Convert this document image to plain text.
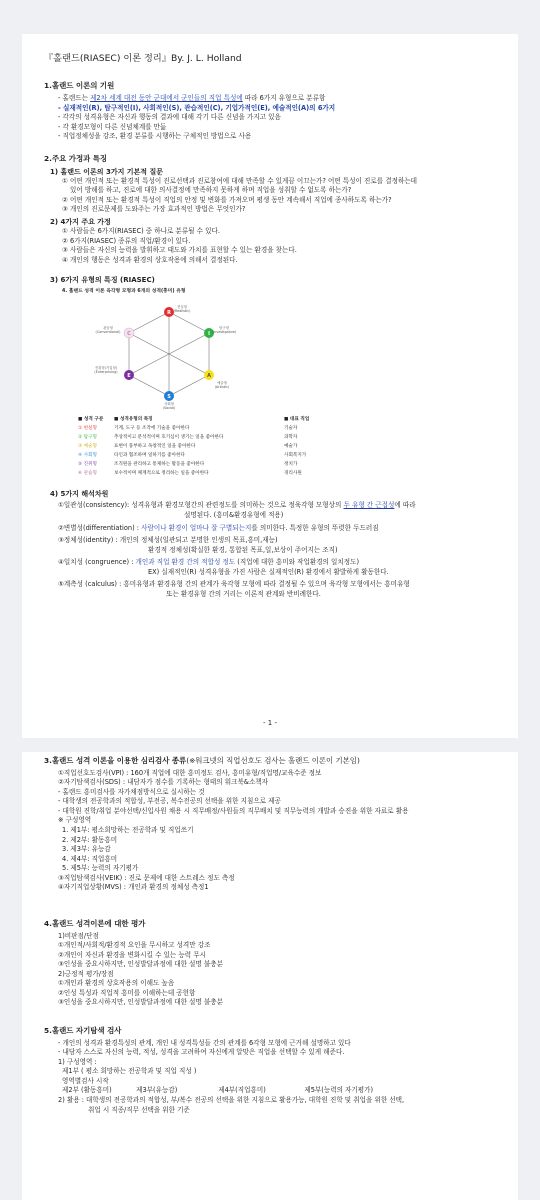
『홀랜드(RIASEC) 이론 정리』By. J. L. Holland
1.홀랜드 이론의 기원
- 홀랜드는 제2차 세계 대전 동안 군대에서 군인들의 직업 특성에 따라 6가지 유형으로 분류함
- 실재적인(R), 탐구적인(I), 사회적인(S), 관습적인(C), 기업가적인(E), 예술적인(A)의 6가지
- 각각의 성격유형은 자신과 행동의 결과에 대해 각기 다른 신념을 가지고 있음
- 각 환경모형이 다른 신념체계를 만듦
- 직업정체성을 강조, 환경 분류를 시행하는 구체적인 방법으로 사용
2.주요 가정과 특징
1) 홀랜드 이론의 3가지 기본적 질문
① 어떤 개인적 또는 환경적 특성이 진로선택과 진로참여에 대해 만족할 수 있게끔 이끄는가? 어떤 특성이 진로를 결정하는데
있어 방해를 하고, 진로에 대한 의사결정에 만족하지 못하게 하며 직업을 성취할 수 없도록 하는가?
② 어떤 개인적 또는 환경적 특성이 직업의 안정 및 변화를 가져오며 평생 동안 계속해서 직업에 종사하도록 하는가?
③ 개인의 진로문제를 도와주는 가장 효과적인 방법은 무엇인가?
2) 4가지 주요 가정
① 사람들은 6가지(RIASEC) 중 하나로 분류될 수 있다.
② 6가지(RIASEC) 종류의 직업/환경이 있다.
③ 사람들은 자신의 능력을 발휘하고 태도와 가치를 표현할 수 있는 환경을 찾는다.
④ 개인의 행동은 성격과 환경의 상호작용에 의해서 결정된다.
3) 6가지 유형의 특징 (RIASEC)
4. 홀랜드 성격 이론 육각형 모형과 6개의 성격(흥미) 유형
R
I
A
S
E
C
현실형
(Realistic)
탐구형
(Investigative)
예술형
(Artistic)
사회형
(Social)
진취형(기업형)
(Enterprising)
관습형
(Conventional)
■ 성격 구분	■ 성격유형의 특징	■ 대표 직업
① 현실형	기계, 도구 등 조작에 기술을 좋아한다	기술자
② 탐구형	추상적이고 분석적이며 호기심이 생기는 일을 좋아한다	과학자
③ 예술형	표현이 풍부하고 독창적인 일을 좋아한다	예술가
④ 사회형	타인과 협조하며 일하기를 좋아한다	사회복지가
⑤ 진취형	조직원을 관리하고 통제하는 활동을 좋아한다	정치가
⑥ 관습형	보수적이며 체계적으로 정리하는 일을 좋아한다	경리사원
4) 5가지 해석차원
①일관성(consistency): 성격유형과 환경모형간의 관련정도를 의미하는 것으로 정육각형 모형상의 두 유형 간 근접성에 따라
설명된다. (흥미&환경유형에 적용)
②변별성(differentiation) : 사람이나 환경이 얼마나 잘 구별되는지를 의미한다. 특정한 유형의 뚜렷한 두드러짐
③정체성(identity) : 개인의 정체성(일관되고 분명한 인생의 목표,흥미,재능)
환경적 정체성(확실한 환경, 통합된 목표,일,보상이 주어지는 조직)
④일치성 (congruence) : 개인과 직업 환경 간의 적합성 정도 (직업에 대한 흥미와 작업환경의 일치정도)
EX) 실재적인(R) 성격유형을 가진 사람은 실재적인(R) 환경에서 활발하게 활동한다.
⑤계측성 (calculus) : 흥미유형과 환경유형 간의 관계가 육각형 모형에 따라 결정될 수 있으며 육각형 모형에서는 흥미유형
또는 환경유형 간의 거리는 이론적 관계와 반비례한다.
- 1 -
3.홀랜드 성격 이론을 이용한 심리검사 종류(※워크넷의 직업선호도 검사는 홀랜드 이론이 기본임)
①직업선호도검사(VPI) : 160개 직업에 대한 흥미정도 검사, 흥미유형/직업명/교육수준 정보
②자기탐색검사(SDS) : 내담자가 점수를 기록하는 형태의 워크북&소책자
- 홀랜드 흥미검사를 자가채점방식으로 실시하는 것
- 대학생의 전공학과의 적합성, 부전공, 복수전공의 선택을 위한 지침으로 제공
- 대학원 진학/취업 분야선택/신입사원 채용 시 직무배정/사원들의 직무배치 및 직무능력의 개발과 승진을 위한 자료로 활용
※ 구성영역
1. 제1부: 평소희망하는 전공학과 및 직업쓰기
2. 제2부: 활동흥미
3. 제3부: 유능감
4. 제4부: 직업흥미
5. 제5부: 능력의 자기평가
③직업탐색검사(VEIK) : 진로 문제에 대한 스트레스 정도 측정
④자기직업상황(MVS) : 개인과 환경의 정체성 측정1
4.홀랜드 성격이론에 대한 평가
1)비판점/단점
①개인적/사회적/환경적 요인을 무시하고 성격만 강조
②개인이 자신과 환경을 변화시킬 수 있는 능력 무시
③인성을 중요시하지만, 인성발달과정에 대한 설명 불충분
2)긍정적 평가/장점
①개인과 환경의 상호작용의 이해도 높음
②인성 특성과 직업적 흥미를 이해하는데 공헌함
③인성을 중요시하지만, 인성발달과정에 대한 설명 불충분
5.홀랜드 자기탐색 검사
- 개인의 성격과 환경특성의 관계, 개인 내 성격특성들 간의 관계를 6각형 모형에 근거해 설명하고 있다
- 내담자 스스로 자신의 능력, 적성, 성격을 고려하여 자신에게 알맞은 직업을 선택할 수 있게 해준다.
1) 구성영역 :
제1부 ( 평소 희망하는 전공학과 및 직업 직성 )
영역별검사 시작
제2부 (활동흥미)	제3부(유능감)	제4부(직업흥미)	제5부(능력의 자기평가)
2) 활용 : 대학생의 전공학과의 적합성, 부/복수 전공의 선택을 위한 지침으로 활용가능, 대학원 진학 및 취업을 위한 선택,
취업 시 직종/직무 선택을 위한 기준
